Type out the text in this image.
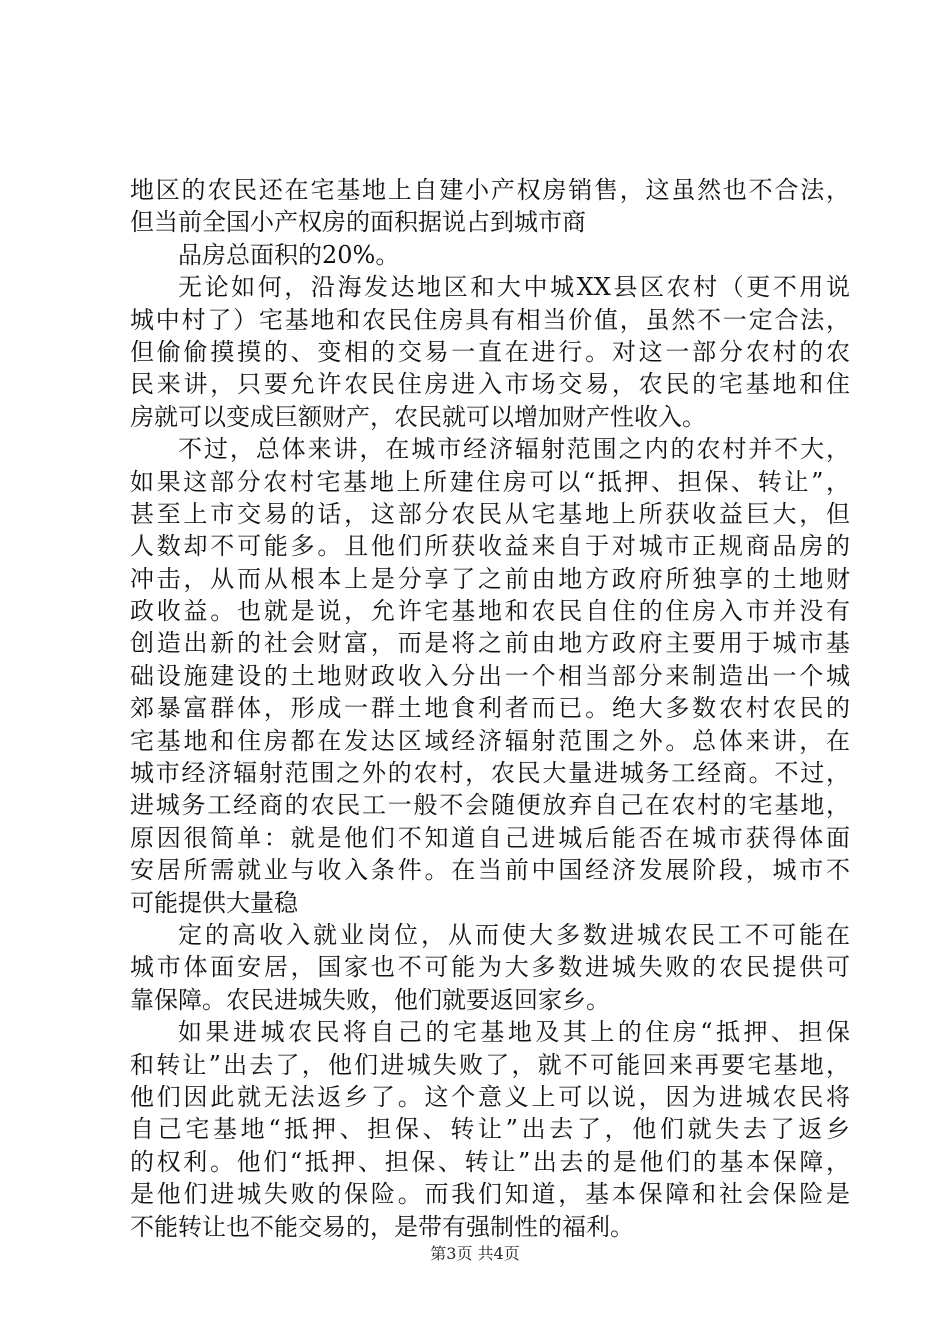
地区的农民还在宅基地上自建小产权房销售，这虽然也不合法，
但当前全国小产权房的面积据说占到城市商
品房总面积的20%。
无论如何，沿海发达地区和大中城XX县区农村（更不用说
城中村了）宅基地和农民住房具有相当价值，虽然不一定合法，
但偷偷摸摸的、变相的交易一直在进行。对这一部分农村的农
民来讲，只要允许农民住房进入市场交易，农民的宅基地和住
房就可以变成巨额财产，农民就可以增加财产性收入。
不过，总体来讲，在城市经济辐射范围之内的农村并不大，
如果这部分农村宅基地上所建住房可以“抵押、担保、转让”，
甚至上市交易的话，这部分农民从宅基地上所获收益巨大，但
人数却不可能多。且他们所获收益来自于对城市正规商品房的
冲击，从而从根本上是分享了之前由地方政府所独享的土地财
政收益。也就是说，允许宅基地和农民自住的住房入市并没有
创造出新的社会财富，而是将之前由地方政府主要用于城市基
础设施建设的土地财政收入分出一个相当部分来制造出一个城
郊暴富群体，形成一群土地食利者而已。绝大多数农村农民的
宅基地和住房都在发达区域经济辐射范围之外。总体来讲，在
城市经济辐射范围之外的农村，农民大量进城务工经商。不过，
进城务工经商的农民工一般不会随便放弃自己在农村的宅基地，
原因很简单：就是他们不知道自己进城后能否在城市获得体面
安居所需就业与收入条件。在当前中国经济发展阶段，城市不
可能提供大量稳
定的高收入就业岗位，从而使大多数进城农民工不可能在
城市体面安居，国家也不可能为大多数进城失败的农民提供可
靠保障。农民进城失败，他们就要返回家乡。
如果进城农民将自己的宅基地及其上的住房“抵押、担保
和转让”出去了，他们进城失败了，就不可能回来再要宅基地，
他们因此就无法返乡了。这个意义上可以说，因为进城农民将
自己宅基地“抵押、担保、转让”出去了，他们就失去了返乡
的权利。他们“抵押、担保、转让”出去的是他们的基本保障，
是他们进城失败的保险。而我们知道，基本保障和社会保险是
不能转让也不能交易的，是带有强制性的福利。
第3页 共4页
